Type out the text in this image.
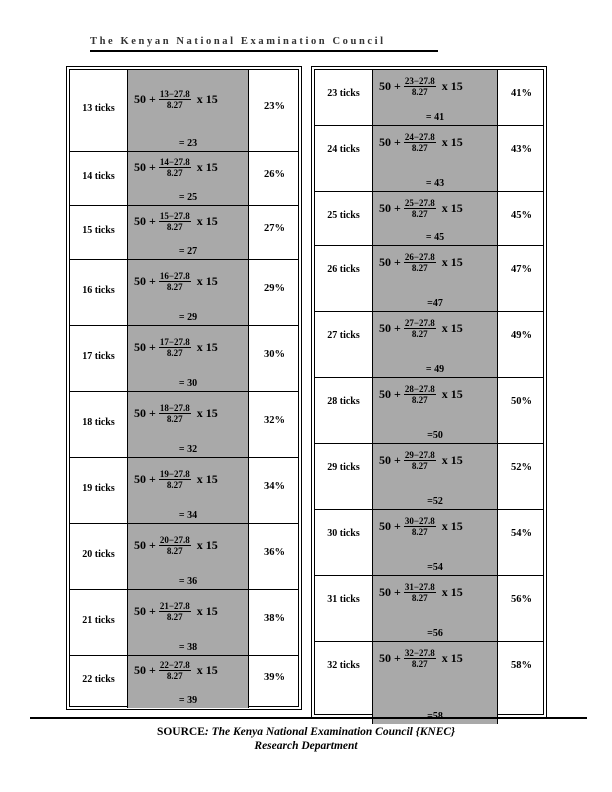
The Kenyan National Examination Council
13 ticks
$50 + \frac{13-27.8}{8.27}$ x 15
= 23
23%
14 ticks
$50 + \frac{14-27.8}{8.27}$ x 15
= 25
26%
15 ticks
$50 + \frac{15-27.8}{8.27}$ x 15
= 27
27%
16 ticks
$50 + \frac{16-27.8}{8.27}$ x 15
= 29
29%
17 ticks
$50 + \frac{17-27.8}{8.27}$ x 15
= 30
30%
18 ticks
$50 + \frac{18-27.8}{8.27}$ x 15
= 32
32%
19 ticks
$50 + \frac{19-27.8}{8.27}$ x 15
= 34
34%
20 ticks
$50 + \frac{20-27.8}{8.27}$ x 15
= 36
36%
21 ticks
$50 + \frac{21-27.8}{8.27}$ x 15
= 38
38%
22 ticks
$50 + \frac{22-27.8}{8.27}$ x 15
= 39
39%
23 ticks
$50 + \frac{23-27.8}{8.27}$ x 15
= 41
41%
24 ticks
$50 + \frac{24-27.8}{8.27}$ x 15
= 43
43%
25 ticks
$50 + \frac{25-27.8}{8.27}$ x 15
= 45
45%
26 ticks
$50 + \frac{26-27.8}{8.27}$ x 15
=47
47%
27 ticks
$50 + \frac{27-27.8}{8.27}$ x 15
= 49
49%
28 ticks
$50 + \frac{28-27.8}{8.27}$ x 15
=50
50%
29 ticks
$50 + \frac{29-27.8}{8.27}$ x 15
=52
52%
30 ticks
$50 + \frac{30-27.8}{8.27}$ x 15
=54
54%
31 ticks
$50 + \frac{31-27.8}{8.27}$ x 15
=56
56%
32 ticks
$50 + \frac{32-27.8}{8.27}$ x 15
58%
SOURCE: The Kenya National Examination Council {KNEC}
Research Department
